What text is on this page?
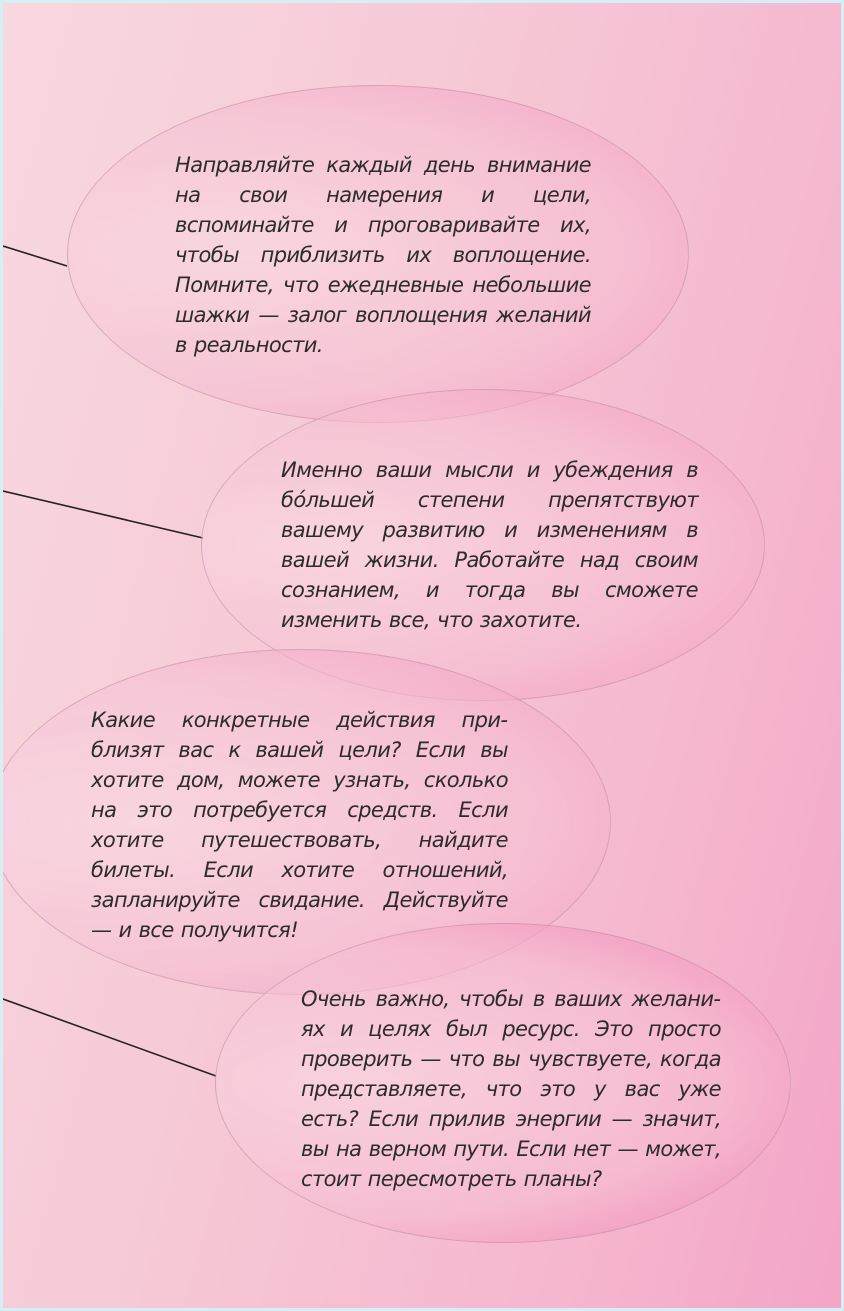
Направляйте каждый день внимание на свои намерения и цели, вспоминайте и проговаривайте их, чтобы приблизить их воплощение. Помните, что ежедневные небольшие шажки — залог воплощения желаний в реальности.
Именно ваши мысли и убеждения в бóльшей степени препятствуют вашему развитию и изменениям в вашей жизни. Работайте над своим сознанием, и тогда вы сможете изменить все, что захотите.
Какие конкретные действия приблизят вас к вашей цели? Если вы хотите дом, можете узнать, сколько на это потребуется средств. Если хотите путешествовать, найдите билеты. Если хотите отношений, запланируйте свидание. Действуйте — и все получится!
Очень важно, чтобы в ваших желаниях и целях был ресурс. Это просто проверить — что вы чувствуете, когда представляете, что это у вас уже есть? Если прилив энергии — значит, вы на верном пути. Если нет — может, стоит пересмотреть планы?
